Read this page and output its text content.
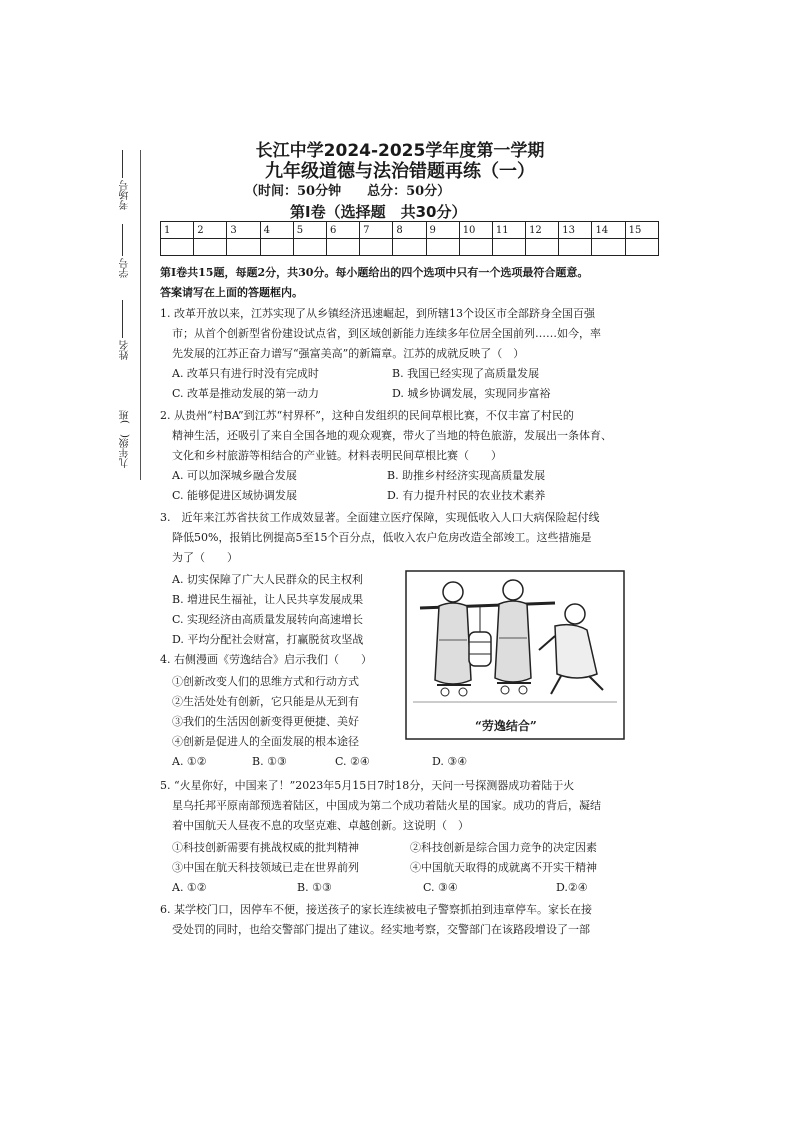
考场号
学号
姓名
九年级(　)班
长江中学2024-2025学年度第一学期
九年级道德与法治错题再练（一）
（时间：50分钟　　总分：50分）
第Ⅰ卷（选择题　共30分）
1	2	3	4	5	6	7	8	9	10	11	12	13	14	15

第Ⅰ卷共15题，每题2分，共30分。每小题给出的四个选项中只有一个选项最符合题意。
答案请写在上面的答题框内。
1. 改革开放以来，江苏实现了从乡镇经济迅速崛起，到所辖13个设区市全部跻身全国百强
市；从首个创新型省份建设试点省，到区域创新能力连续多年位居全国前列……如今，率
先发展的江苏正奋力谱写“强富美高”的新篇章。江苏的成就反映了（　）
A. 改革只有进行时没有完成时	B. 我国已经实现了高质量发展
C. 改革是推动发展的第一动力	D. 城乡协调发展，实现同步富裕
2. 从贵州“村BA”到江苏“村界杯”，这种自发组织的民间草根比赛，不仅丰富了村民的
精神生活，还吸引了来自全国各地的观众观赛，带火了当地的特色旅游，发展出一条体育、
文化和乡村旅游等相结合的产业链。材料表明民间草根比赛（　　）
A. 可以加深城乡融合发展	B. 助推乡村经济实现高质量发展
C. 能够促进区域协调发展	D. 有力提升村民的农业技术素养
3.　近年来江苏省扶贫工作成效显著。全面建立医疗保障，实现低收入人口大病保险起付线
降低50%，报销比例提高5至15个百分点，低收入农户危房改造全部竣工。这些措施是
为了（　　）
A. 切实保障了广大人民群众的民主权利
B. 增进民生福祉，让人民共享发展成果
C. 实现经济由高质量发展转向高速增长
D. 平均分配社会财富，打赢脱贫攻坚战
4. 右侧漫画《劳逸结合》启示我们（　　）
①创新改变人们的思维方式和行动方式
②生活处处有创新，它只能是从无到有
③我们的生活因创新变得更便捷、美好
④创新是促进人的全面发展的根本途径
A. ①②	B. ①③	C. ②④	D. ③④
“劳逸结合”
5. “火星你好，中国来了！”2023年5月15日7时18分，天问一号探测器成功着陆于火
星乌托邦平原南部预选着陆区，中国成为第二个成功着陆火星的国家。成功的背后，凝结
着中国航天人昼夜不息的攻坚克难、卓越创新。这说明（　）
①科技创新需要有挑战权威的批判精神	②科技创新是综合国力竞争的决定因素
③中国在航天科技领域已走在世界前列	④中国航天取得的成就离不开实干精神
A. ①②	B. ①③	C. ③④	D.②④
6. 某学校门口，因停车不便，接送孩子的家长连续被电子警察抓拍到违章停车。家长在接
受处罚的同时，也给交警部门提出了建议。经实地考察，交警部门在该路段增设了一部
